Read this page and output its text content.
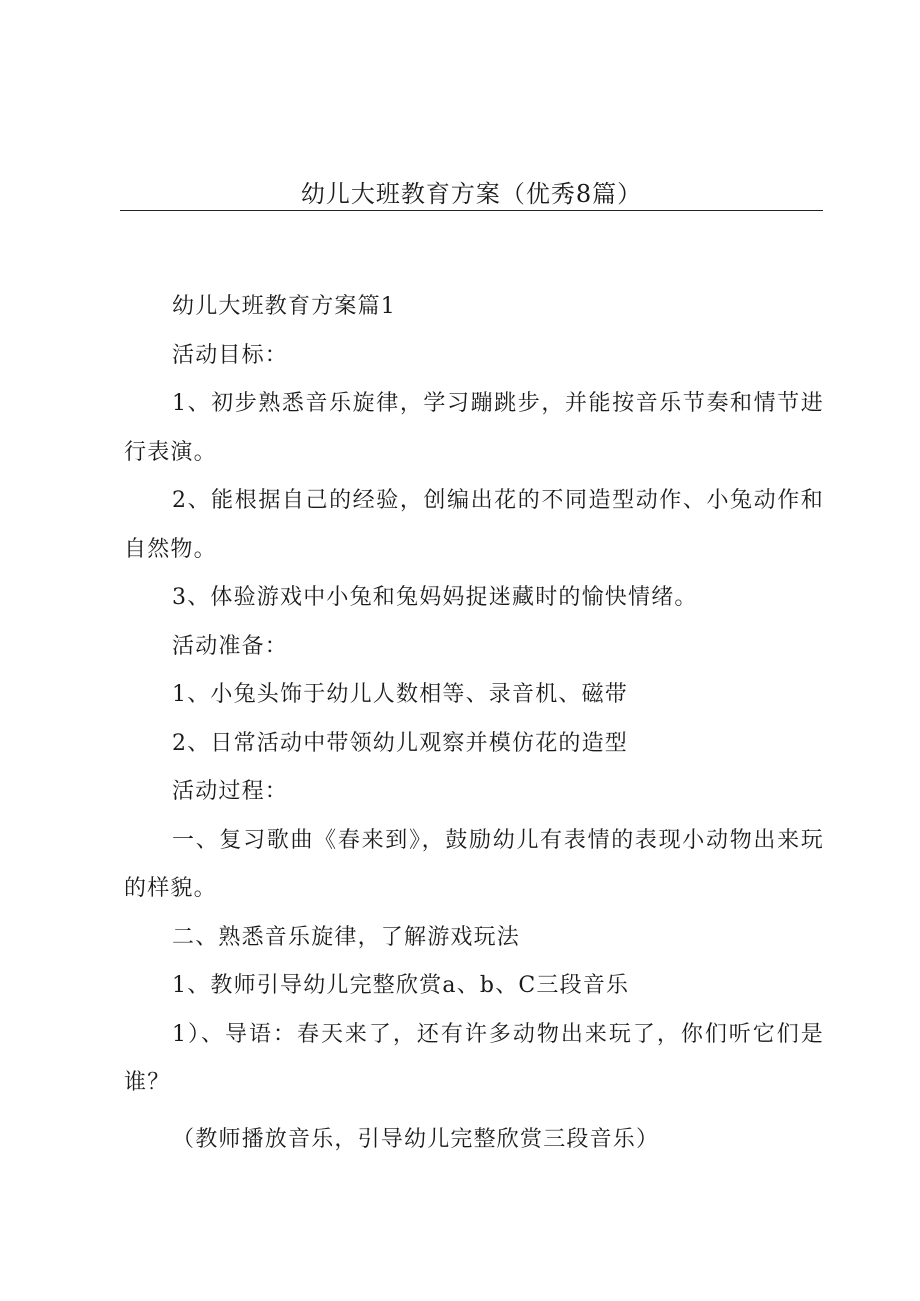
幼儿大班教育方案（优秀8篇）

幼儿大班教育方案篇1

活动目标：

1、初步熟悉音乐旋律，学习蹦跳步，并能按音乐节奏和情节进行表演。

2、能根据自己的经验，创编出花的不同造型动作、小兔动作和自然物。

3、体验游戏中小兔和兔妈妈捉迷藏时的愉快情绪。

活动准备：

1、小兔头饰于幼儿人数相等、录音机、磁带

2、日常活动中带领幼儿观察并模仿花的造型

活动过程：

一、复习歌曲《春来到》，鼓励幼儿有表情的表现小动物出来玩的样貌。

二、熟悉音乐旋律，了解游戏玩法

1、教师引导幼儿完整欣赏a、b、C三段音乐

1）、导语：春天来了，还有许多动物出来玩了，你们听它们是谁？

（教师播放音乐，引导幼儿完整欣赏三段音乐）
